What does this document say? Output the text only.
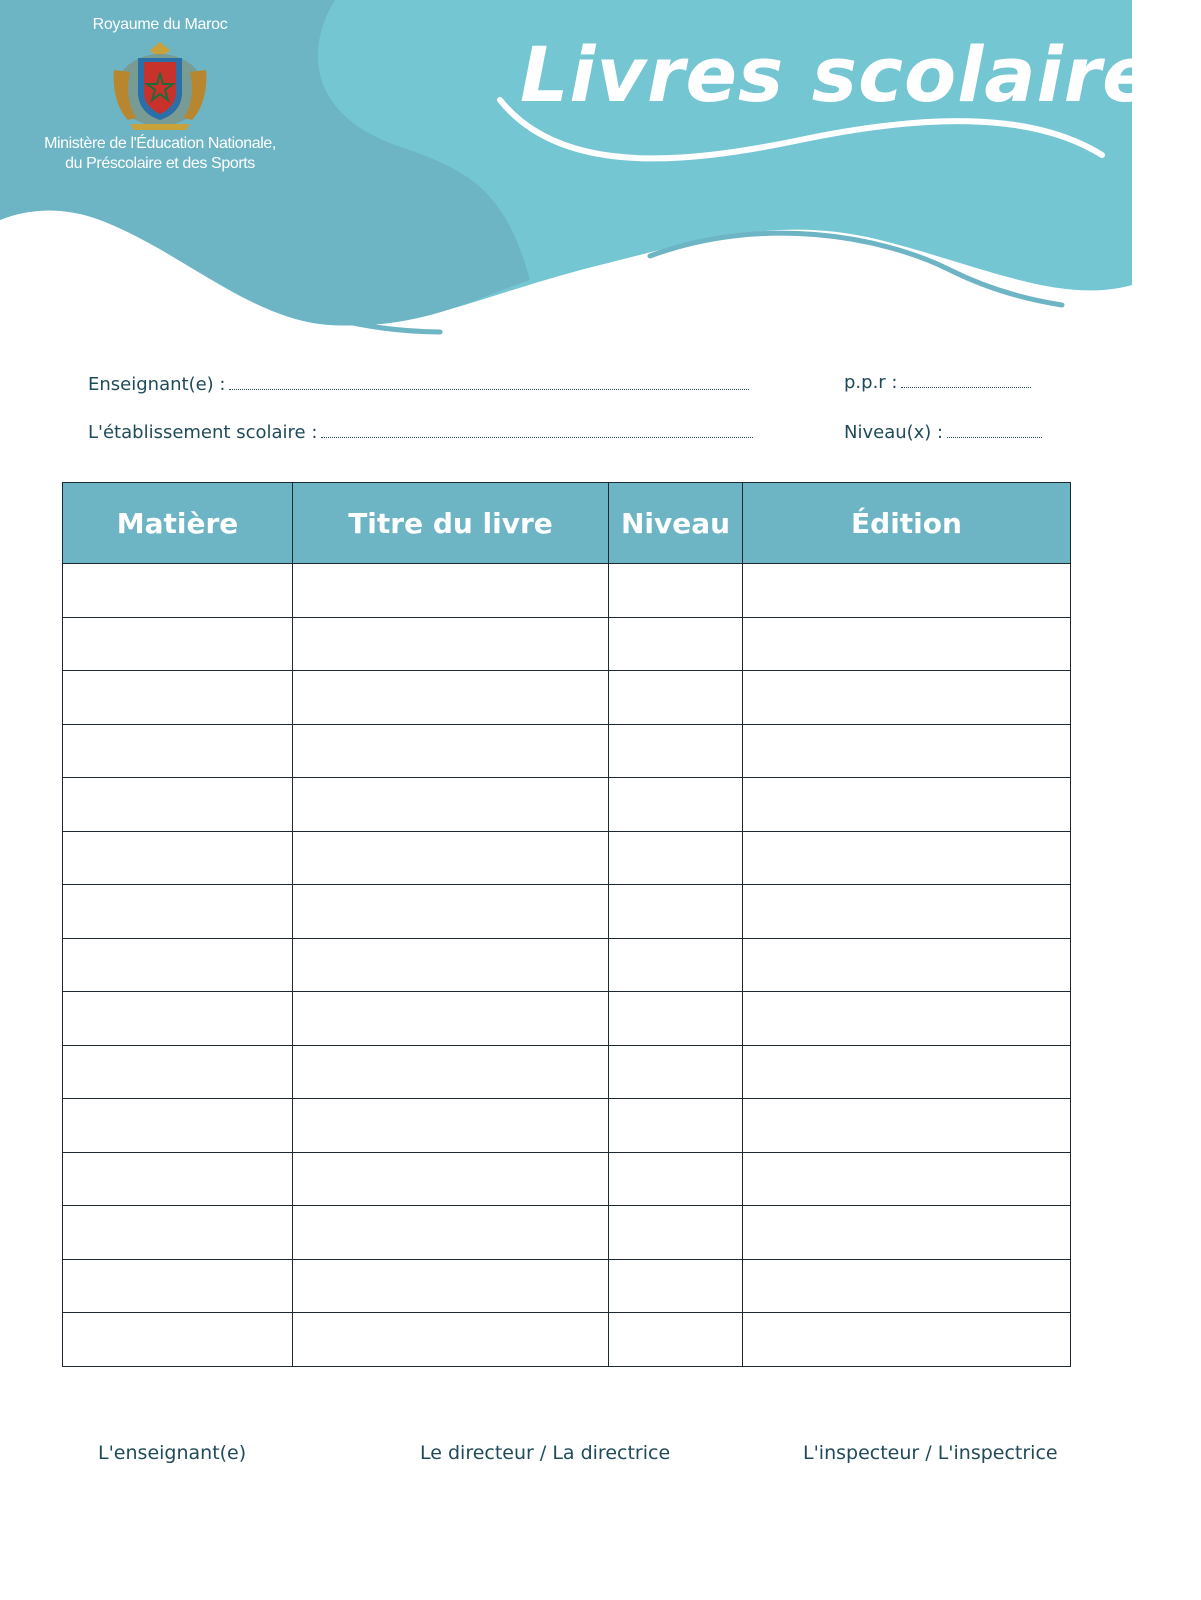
Royaume du Maroc
Ministère de l'Éducation Nationale,
du Préscolaire et des Sports
Livres scolaires
Enseignant(e) :
L'établissement scolaire :
p.p.r :
Niveau(x) :
Matière	Titre du livre	Niveau	Édition

L'enseignant(e)	Le directeur / La directrice	L'inspecteur / L'inspectrice
